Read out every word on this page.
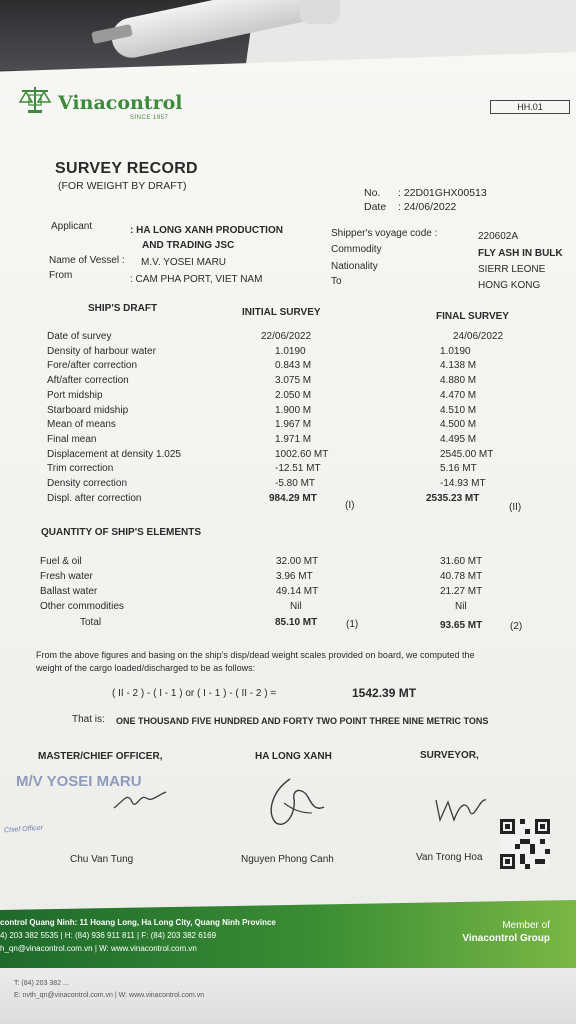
Vinacontrol
SINCE 1957
HH.01
SURVEY RECORD
(FOR WEIGHT BY DRAFT)
No. : 22D01GHX00513
Date : 24/06/2022
Applicant	: HA LONG XANH PRODUCTION
AND TRADING JSC
Name of Vessel : M.V. YOSEI MARU
From	: CAM PHA PORT, VIET NAM
Shipper's voyage code :	220602A
Commodity	FLY ASH IN BULK
Nationality	SIERR LEONE
To	HONG KONG
SHIP'S DRAFT	INITIAL SURVEY	FINAL SURVEY
Date of survey	22/06/2022	24/06/2022
Density of harbour water	1.0190	1.0190
Fore/after correction	0.843 M	4.138 M
Aft/after correction	3.075 M	4.880 M
Port midship	2.050 M	4.470 M
Starboard midship	1.900 M	4.510 M
Mean of means	1.967 M	4.500 M
Final mean	1.971 M	4.495 M
Displacement at density 1.025	1002.60 MT	2545.00 MT
Trim correction	-12.51 MT	5.16 MT
Density correction	-5.80 MT	-14.93 MT
Displ. after correction	984.29 MT	2535.23 MT
(I)	(II)
QUANTITY OF SHIP'S ELEMENTS
Fuel & oil	32.00 MT	31.60 MT
Fresh water	3.96 MT	40.78 MT
Ballast water	49.14 MT	21.27 MT
Other commodities	Nil	Nil
Total	85.10 MT	(1)	93.65 MT	(2)
From the above figures and basing on the ship's disp/dead weight scales provided on board, we computed the
weight of the cargo loaded/discharged to be as follows:
( II - 2 ) - ( I - 1 ) or ( I - 1 ) - ( II - 2 ) =	1542.39 MT
That is: ONE THOUSAND FIVE HUNDRED AND FORTY TWO POINT THREE NINE METRIC TONS
MASTER/CHIEF OFFICER,	HA LONG XANH	SURVEYOR,
M/V YOSEI MARU
Chief Officer
Chu Van Tung	Nguyen Phong Canh	Van Trong Hoa
control Quang Ninh: 11 Hoang Long, Ha Long City, Quang Ninh Province
4) 203 382 5535 | H: (84) 936 911 811 | F: (84) 203 382 6169
h_qn@vinacontrol.com.vn | W: www.vinacontrol.com.vn
Member of
Vinacontrol Group
T: (84) 203 382 ...
E: nvth_qn@vinacontrol.com.vn | W: www.vinacontrol.com.vn
